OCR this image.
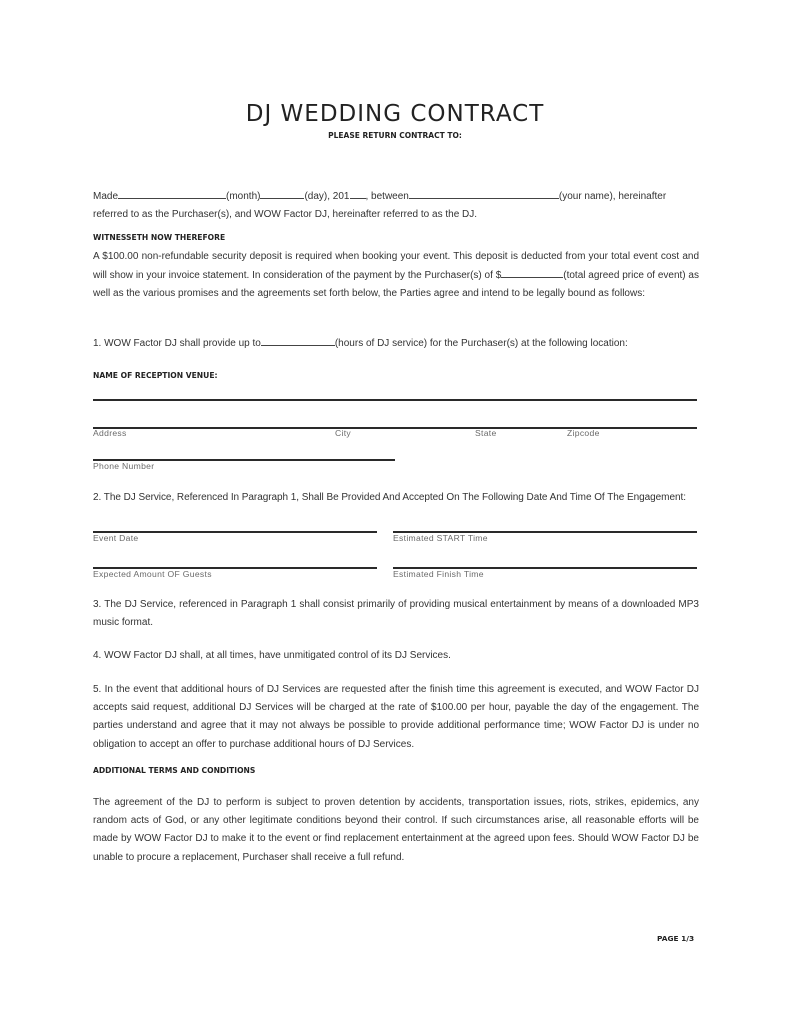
DJ WEDDING CONTRACT
PLEASE RETURN CONTRACT TO:
Made	(month)	(day), 201 , between	(your name), hereinafter
referred to as the Purchaser(s), and WOW Factor DJ, hereinafter referred to as the DJ.
WITNESSETH NOW THEREFORE
A $100.00 non-refundable security deposit is required when booking your event. This deposit is deducted from your total event cost and will show in your invoice statement. In consideration of the payment by the Purchaser(s) of $	(total agreed price of event) as well as the various promises and the agreements set forth below, the Parties agree and intend to be legally bound as follows:
1. WOW Factor DJ shall provide up to	(hours of DJ service) for the Purchaser(s) at the following location:
NAME OF RECEPTION VENUE:
Address	City	State	Zipcode
Phone Number
2. The DJ Service, Referenced In Paragraph 1, Shall Be Provided And Accepted On The Following Date And Time Of The Engagement:
Event Date	Estimated START Time
Expected Amount OF Guests	Estimated Finish Time
3. The DJ Service, referenced in Paragraph 1 shall consist primarily of providing musical entertainment by means of a downloaded MP3 music format.
4. WOW Factor DJ shall, at all times, have unmitigated control of its DJ Services.
5. In the event that additional hours of DJ Services are requested after the finish time this agreement is executed, and WOW Factor DJ accepts said request, additional DJ Services will be charged at the rate of $100.00 per hour, payable the day of the engagement. The parties understand and agree that it may not always be possible to provide additional performance time; WOW Factor DJ is under no obligation to accept an offer to purchase additional hours of DJ Services.
ADDITIONAL TERMS AND CONDITIONS
The agreement of the DJ to perform is subject to proven detention by accidents, transportation issues, riots, strikes, epidemics, any random acts of God, or any other legitimate conditions beyond their control. If such circumstances arise, all reasonable efforts will be made by WOW Factor DJ to make it to the event or find replacement entertainment at the agreed upon fees. Should WOW Factor DJ be unable to procure a replacement, Purchaser shall receive a full refund.
PAGE 1/3
